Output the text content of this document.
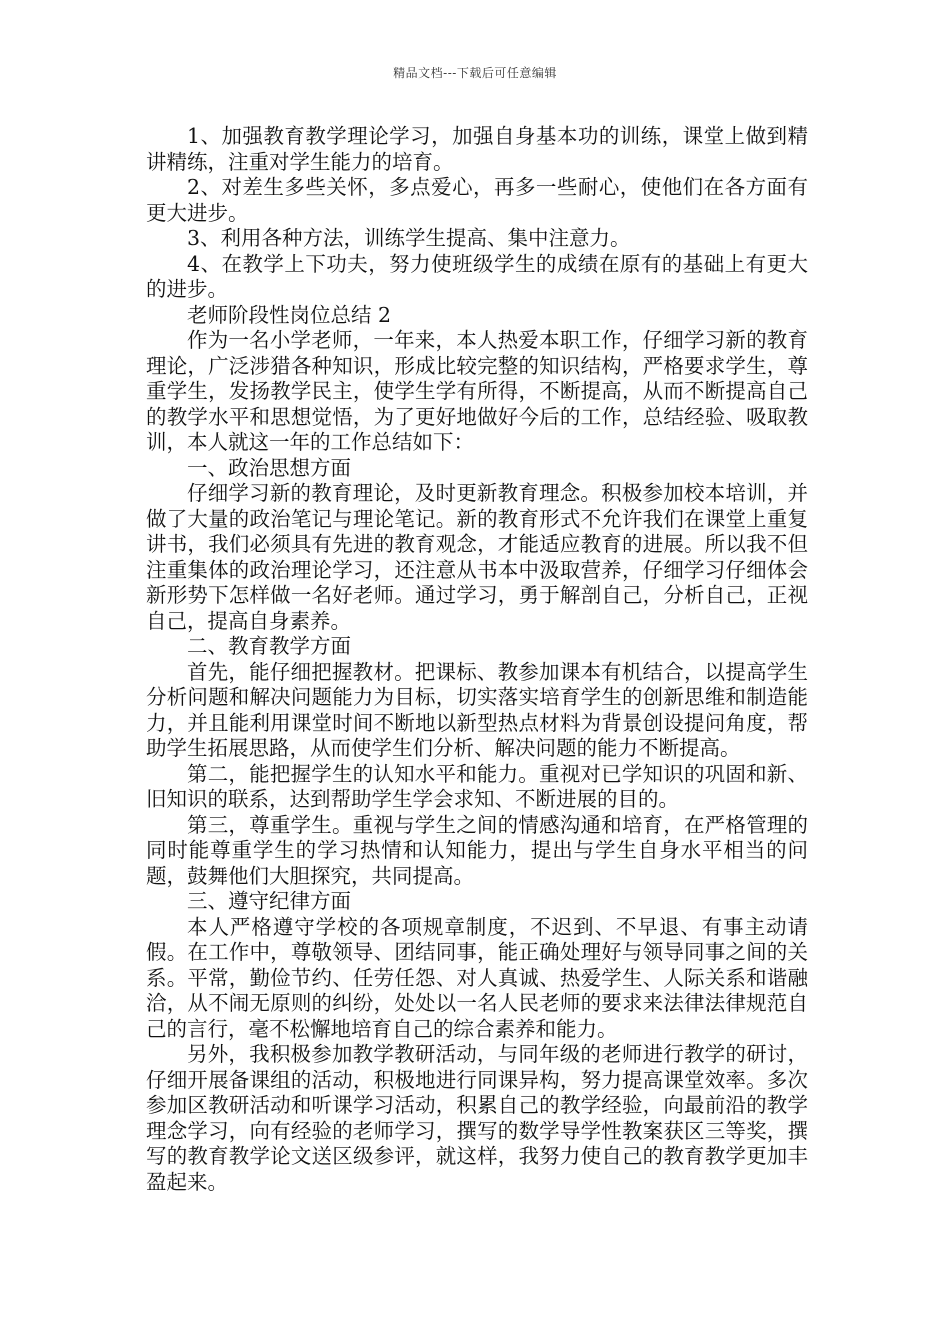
精品文档---下载后可任意编辑

1、加强教育教学理论学习，加强自身基本功的训练，课堂上做到精讲精练，注重对学生能力的培育。

2、对差生多些关怀，多点爱心，再多一些耐心，使他们在各方面有更大进步。

3、利用各种方法，训练学生提高、集中注意力。

4、在教学上下功夫，努力使班级学生的成绩在原有的基础上有更大的进步。

老师阶段性岗位总结 2

作为一名小学老师，一年来，本人热爱本职工作，仔细学习新的教育理论，广泛涉猎各种知识，形成比较完整的知识结构，严格要求学生，尊重学生，发扬教学民主，使学生学有所得，不断提高，从而不断提高自己的教学水平和思想觉悟，为了更好地做好今后的工作，总结经验、吸取教训，本人就这一年的工作总结如下：

一、政治思想方面

仔细学习新的教育理论，及时更新教育理念。积极参加校本培训，并做了大量的政治笔记与理论笔记。新的教育形式不允许我们在课堂上重复讲书，我们必须具有先进的教育观念，才能适应教育的进展。所以我不但注重集体的政治理论学习，还注意从书本中汲取营养，仔细学习仔细体会新形势下怎样做一名好老师。通过学习，勇于解剖自己，分析自己，正视自己，提高自身素养。

二、教育教学方面

首先，能仔细把握教材。把课标、教参加课本有机结合，以提高学生分析问题和解决问题能力为目标，切实落实培育学生的创新思维和制造能力，并且能利用课堂时间不断地以新型热点材料为背景创设提问角度，帮助学生拓展思路，从而使学生们分析、解决问题的能力不断提高。

第二，能把握学生的认知水平和能力。重视对已学知识的巩固和新、旧知识的联系，达到帮助学生学会求知、不断进展的目的。

第三，尊重学生。重视与学生之间的情感沟通和培育，在严格管理的同时能尊重学生的学习热情和认知能力，提出与学生自身水平相当的问题，鼓舞他们大胆探究，共同提高。

三、遵守纪律方面

本人严格遵守学校的各项规章制度，不迟到、不早退、有事主动请假。在工作中，尊敬领导、团结同事，能正确处理好与领导同事之间的关系。平常，勤俭节约、任劳任怨、对人真诚、热爱学生、人际关系和谐融洽，从不闹无原则的纠纷，处处以一名人民老师的要求来法律法律规范自己的言行，毫不松懈地培育自己的综合素养和能力。

另外，我积极参加教学教研活动，与同年级的老师进行教学的研讨，仔细开展备课组的活动，积极地进行同课异构，努力提高课堂效率。多次参加区教研活动和听课学习活动，积累自己的教学经验，向最前沿的教学理念学习，向有经验的老师学习，撰写的数学导学性教案获区三等奖，撰写的教育教学论文送区级参评，就这样，我努力使自己的教育教学更加丰盈起来。
